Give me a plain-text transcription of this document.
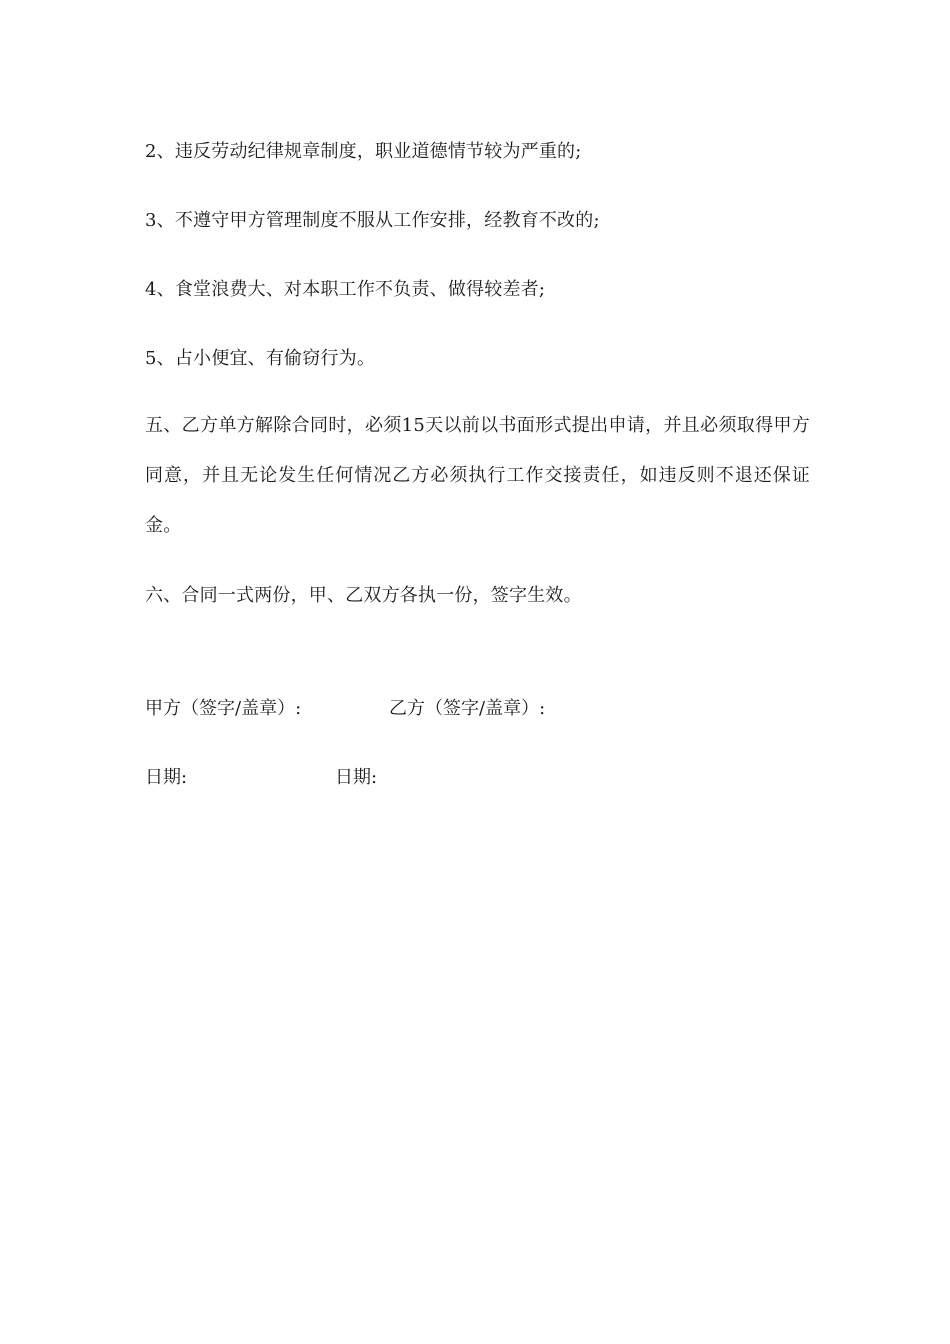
2、违反劳动纪律规章制度，职业道德情节较为严重的;
3、不遵守甲方管理制度不服从工作安排，经教育不改的;
4、食堂浪费大、对本职工作不负责、做得较差者;
5、占小便宜、有偷窃行为。
五、乙方单方解除合同时，必须15天以前以书面形式提出申请，并且必须取得甲方同意，并且无论发生任何情况乙方必须执行工作交接责任，如违反则不退还保证金。
六、合同一式两份，甲、乙双方各执一份，签字生效。
甲方（签字/盖章）:	乙方（签字/盖章）:
日期:	日期:
